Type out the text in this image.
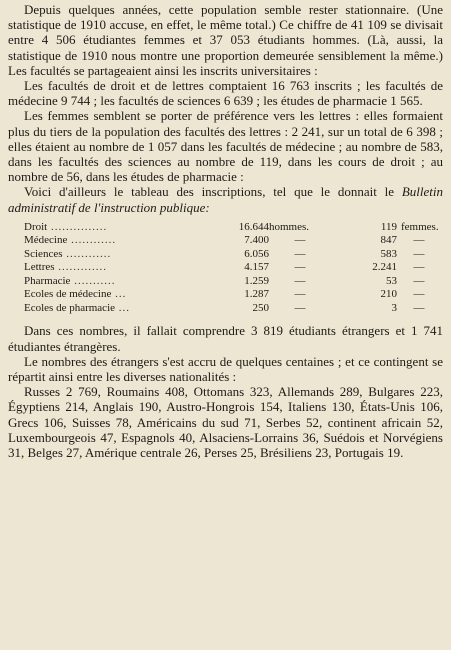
Depuis quelques années, cette population semble rester stationnaire. (Une statistique de 1910 accuse, en effet, le même total.) Ce chiffre de 41 109 se divisait entre 4 506 étudiantes femmes et 37 053 étudiants hommes. (Là, aussi, la statistique de 1910 nous montre une proportion demeurée sensiblement la même.) Les facultés se partageaient ainsi les inscrits universitaires :

Les facultés de droit et de lettres comptaient 16 763 inscrits ; les facultés de médecine 9 744 ; les facultés de sciences 6 639 ; les études de pharmacie 1 565.

Les femmes semblent se porter de préférence vers les lettres : elles formaient plus du tiers de la population des facultés des lettres : 2 241, sur un total de 6 398 ; elles étaient au nombre de 1 057 dans les facultés de médecine ; au nombre de 583, dans les facultés des sciences au nombre de 119, dans les cours de droit ; au nombre de 56, dans les études de pharmacie :

Voici d'ailleurs le tableau des inscriptions, tel que le donnait le Bulletin administratif de l'instruction publique:

Droit ...............	16.644	hommes.	119	femmes.
Médecine ............	7.400	—	847	—
Sciences ............	6.056	—	583	—
Lettres .............	4.157	—	2.241	—
Pharmacie ...........	1.259	—	53	—
Ecoles de médecine ...	1.287	—	210	—
Ecoles de pharmacie ...	250	—	3	—

Dans ces nombres, il fallait comprendre 3 819 étudiants étrangers et 1 741 étudiantes étrangères.

Le nombres des étrangers s'est accru de quelques centaines ; et ce contingent se répartit ainsi entre les diverses nationalités :

Russes 2 769, Roumains 408, Ottomans 323, Allemands 289, Bulgares 223, Égyptiens 214, Anglais 190, Austro-Hongrois 154, Italiens 130, États-Unis 106, Grecs 106, Suisses 78, Américains du sud 71, Serbes 52, continent africain 52, Luxembourgeois 47, Espagnols 40, Alsaciens-Lorrains 36, Suédois et Norvégiens 31, Belges 27, Amérique centrale 26, Perses 25, Brésiliens 23, Portugais 19.
